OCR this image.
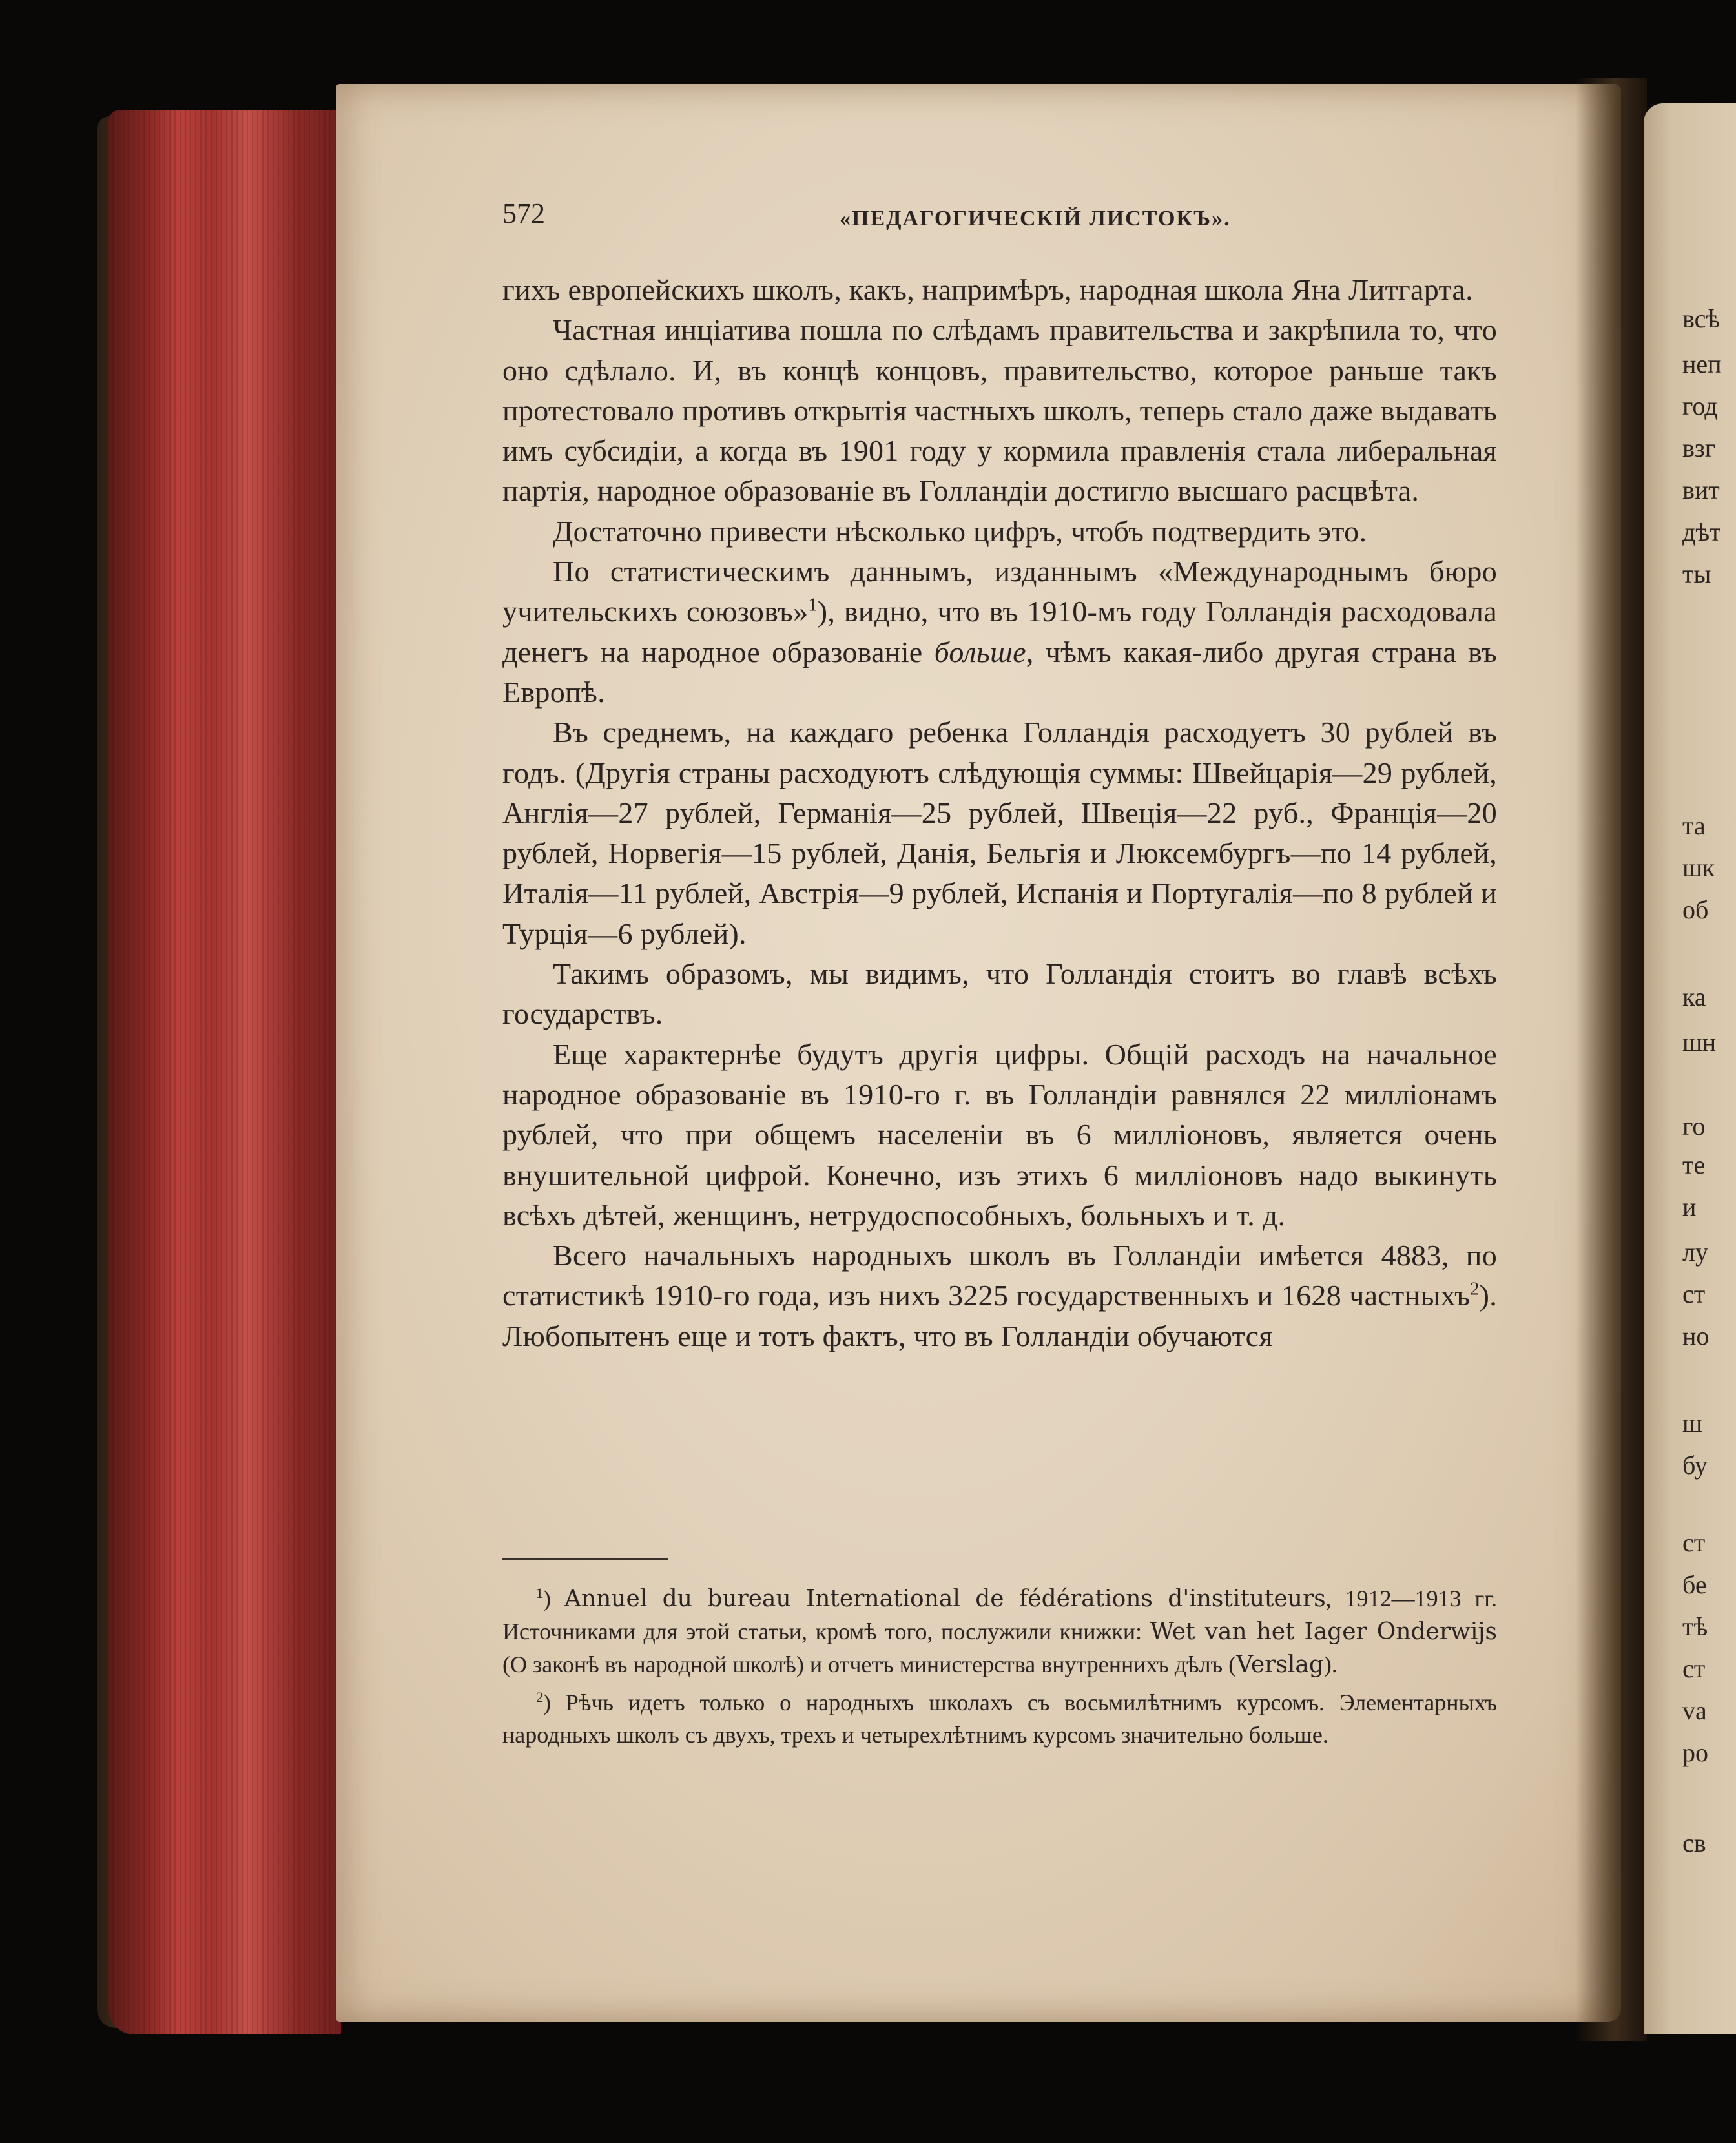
всѣ
неп
год
взг
вит
дѣт
ты
та
шк
об
ка
шн
го
те
и
лу
ст
но
ш
бу
ст
бе
тѣ
ст
va
ро
св
572	«ПЕДАГОГИЧЕСКІЙ ЛИСТОКЪ».

гихъ европейскихъ школъ, какъ, напримѣръ, народная школа Яна Литгарта.

Частная инціатива пошла по слѣдамъ правительства и закрѣпила то, что оно сдѣлало. И, въ концѣ концовъ, правительство, которое раньше такъ протестовало противъ открытія частныхъ школъ, теперь стало даже выдавать имъ субсидіи, а когда въ 1901 году у кормила правленія стала либеральная партія, народное образованіе въ Голландіи достигло высшаго расцвѣта.

Достаточно привести нѣсколько цифръ, чтобъ подтвердить это.

По статистическимъ даннымъ, изданнымъ «Международнымъ бюро учительскихъ союзовъ»$^1$), видно, что въ 1910-мъ году Голландія расходовала денегъ на народное образованіе больше, чѣмъ какая-либо другая страна въ Европѣ.

Въ среднемъ, на каждаго ребенка Голландія расходуетъ 30 рублей въ годъ. (Другія страны расходуютъ слѣдующія суммы: Швейцарія—29 рублей, Англія—27 рублей, Германія—25 рублей, Швеція—22 руб., Франція—20 рублей, Норвегія—15 рублей, Данія, Бельгія и Люксембургъ—по 14 рублей, Италія—11 рублей, Австрія—9 рублей, Испанія и Португалія—по 8 рублей и Турція—6 рублей).

Такимъ образомъ, мы видимъ, что Голландія стоитъ во главѣ всѣхъ государствъ.

Еще характернѣе будутъ другія цифры. Общій расходъ на начальное народное образованіе въ 1910-го г. въ Голландіи равнялся 22 милліонамъ рублей, что при общемъ населеніи въ 6 милліоновъ, является очень внушительной цифрой. Конечно, изъ этихъ 6 милліоновъ надо выкинуть всѣхъ дѣтей, женщинъ, нетрудоспособныхъ, больныхъ и т. д.

Всего начальныхъ народныхъ школъ въ Голландіи имѣется 4883, по статистикѣ 1910-го года, изъ нихъ 3225 государственныхъ и 1628 частныхъ$^2$). Любопытенъ еще и тотъ фактъ, что въ Голландіи обучаются

$^1$) Annuel du bureau International de fédérations d'instituteurs, 1912—1913 гг. Источниками для этой статьи, кромѣ того, послужили книжки: Wet van het Iager Onderwijs (О законѣ въ народной школѣ) и отчетъ министерства внутреннихъ дѣлъ (Verslag).

$^2$) Рѣчь идетъ только о народныхъ школахъ съ восьмилѣтнимъ курсомъ. Элементарныхъ народныхъ школъ съ двухъ, трехъ и четырехлѣтнимъ курсомъ значительно больше.
